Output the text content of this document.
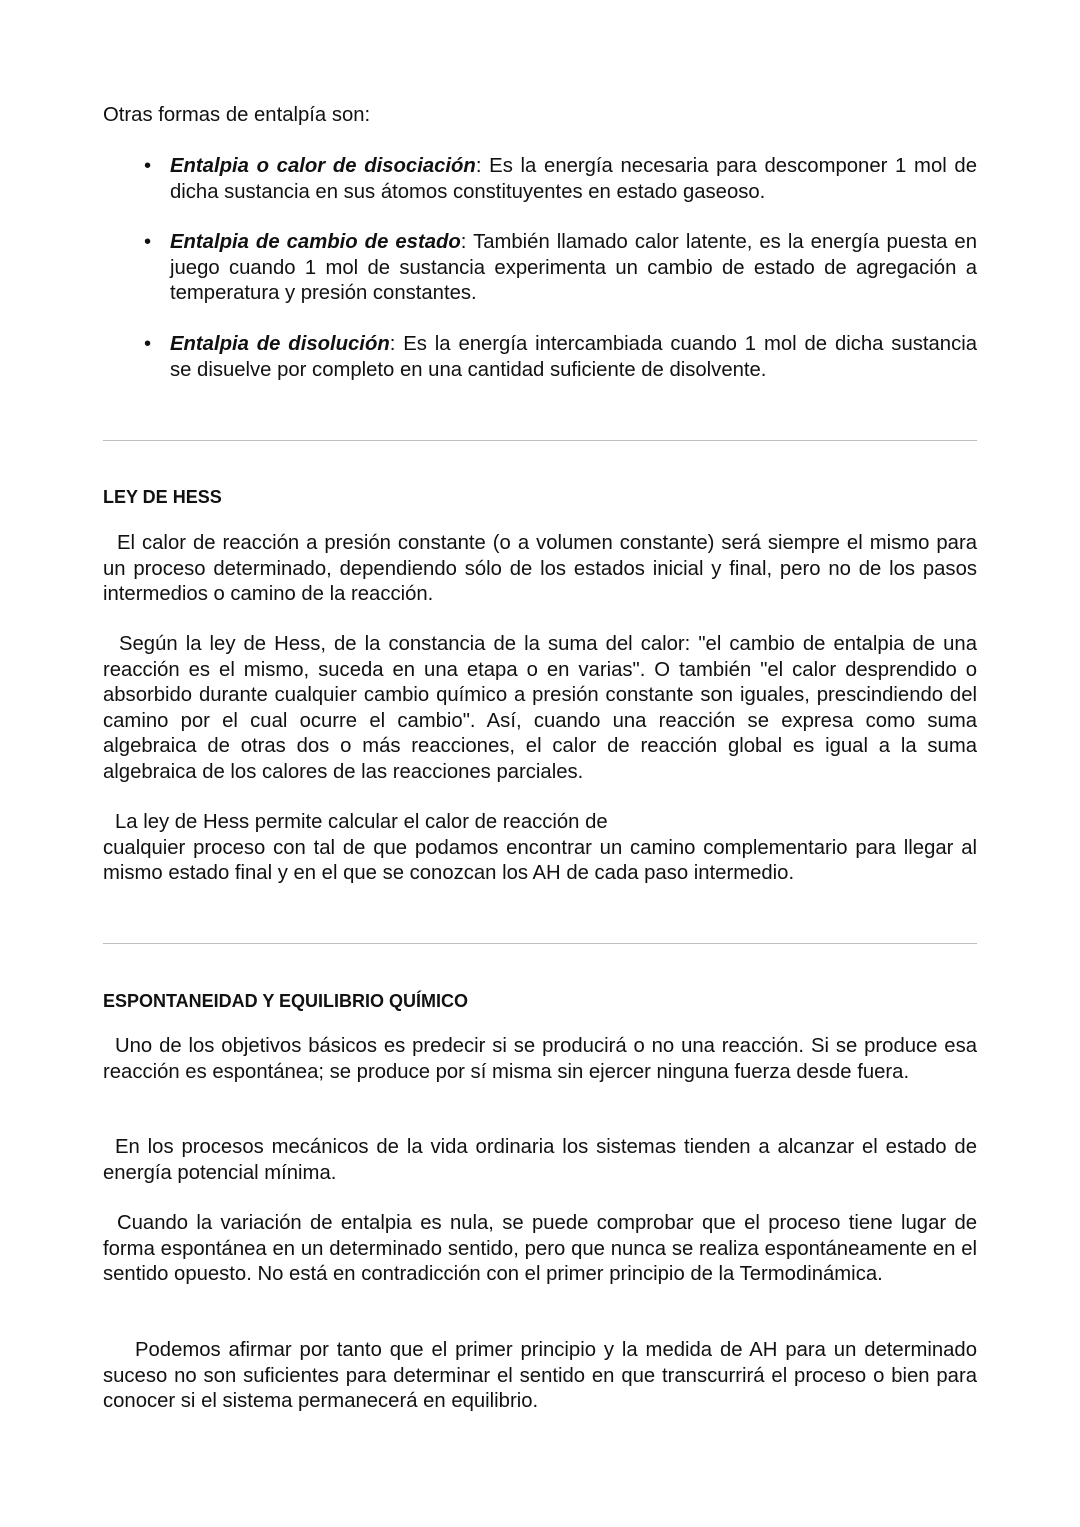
Otras formas de entalpía son:
• Entalpia o calor de disociación: Es la energía necesaria para descomponer 1 mol de dicha sustancia en sus átomos constituyentes en estado gaseoso.
• Entalpia de cambio de estado: También llamado calor latente, es la energía puesta en juego cuando 1 mol de sustancia experimenta un cambio de estado de agregación a temperatura y presión constantes.
• Entalpia de disolución: Es la energía intercambiada cuando 1 mol de dicha sustancia se disuelve por completo en una cantidad suficiente de disolvente.
LEY DE HESS
El calor de reacción a presión constante (o a volumen constante) será siempre el mismo para un proceso determinado, dependiendo sólo de los estados inicial y final, pero no de los pasos intermedios o camino de la reacción.
Según la ley de Hess, de la constancia de la suma del calor: "el cambio de entalpia de una reacción es el mismo, suceda en una etapa o en varias". O también "el calor desprendido o absorbido durante cualquier cambio químico a presión constante son iguales, prescindiendo del camino por el cual ocurre el cambio". Así, cuando una reacción se expresa como suma algebraica de otras dos o más reacciones, el calor de reacción global es igual a la suma algebraica de los calores de las reacciones parciales.
La ley de Hess permite calcular el calor de reacción de
cualquier proceso con tal de que podamos encontrar un camino complementario para llegar al mismo estado final y en el que se conozcan los AH de cada paso intermedio.
ESPONTANEIDAD Y EQUILIBRIO QUÍMICO
Uno de los objetivos básicos es predecir si se producirá o no una reacción. Si se produce esa reacción es espontánea; se produce por sí misma sin ejercer ninguna fuerza desde fuera.
En los procesos mecánicos de la vida ordinaria los sistemas tienden a alcanzar el estado de energía potencial mínima.
Cuando la variación de entalpia es nula, se puede comprobar que el proceso tiene lugar de forma espontánea en un determinado sentido, pero que nunca se realiza espontáneamente en el sentido opuesto. No está en contradicción con el primer principio de la Termodinámica.
Podemos afirmar por tanto que el primer principio y la medida de AH para un determinado suceso no son suficientes para determinar el sentido en que transcurrirá el proceso o bien para conocer si el sistema permanecerá en equilibrio.
